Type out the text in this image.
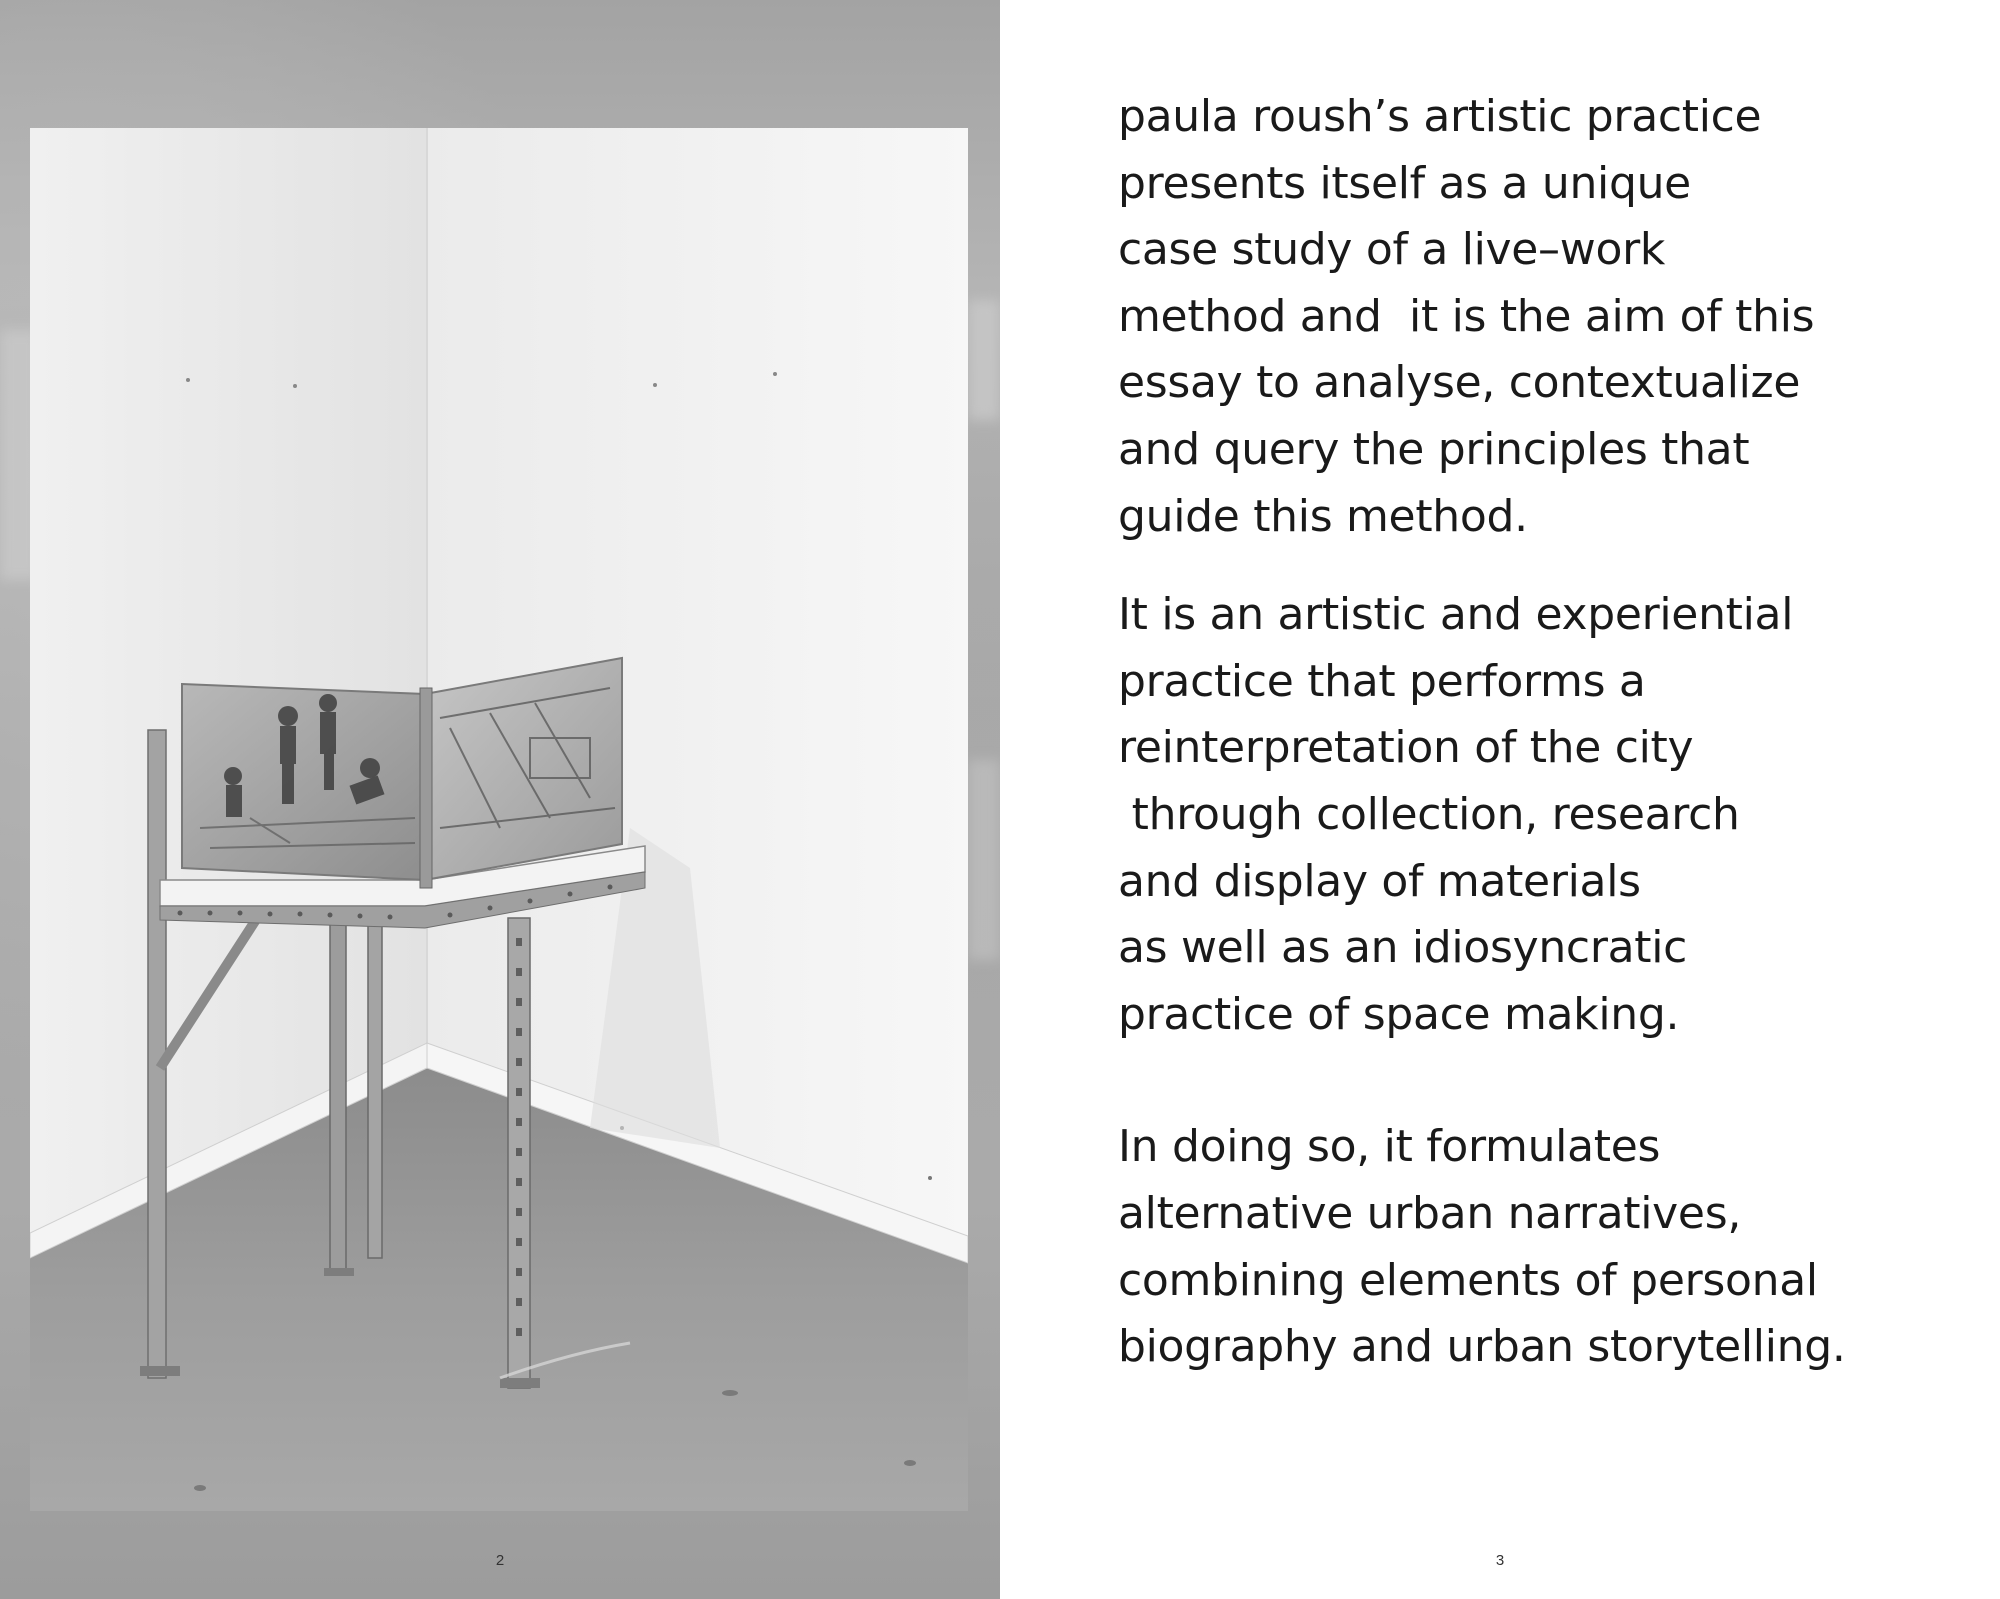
2

paula roush’s artistic practice
presents itself as a unique
case study of a live–work
method and  it is the aim of this
essay to analyse, contextualize
and query the principles that
guide this method.

It is an artistic and experiential
practice that performs a
reinterpretation of the city
through collection, research
and display of materials
as well as an idiosyncratic
practice of space making.

In doing so, it formulates
alternative urban narratives,
combining elements of personal
biography and urban storytelling.

3
